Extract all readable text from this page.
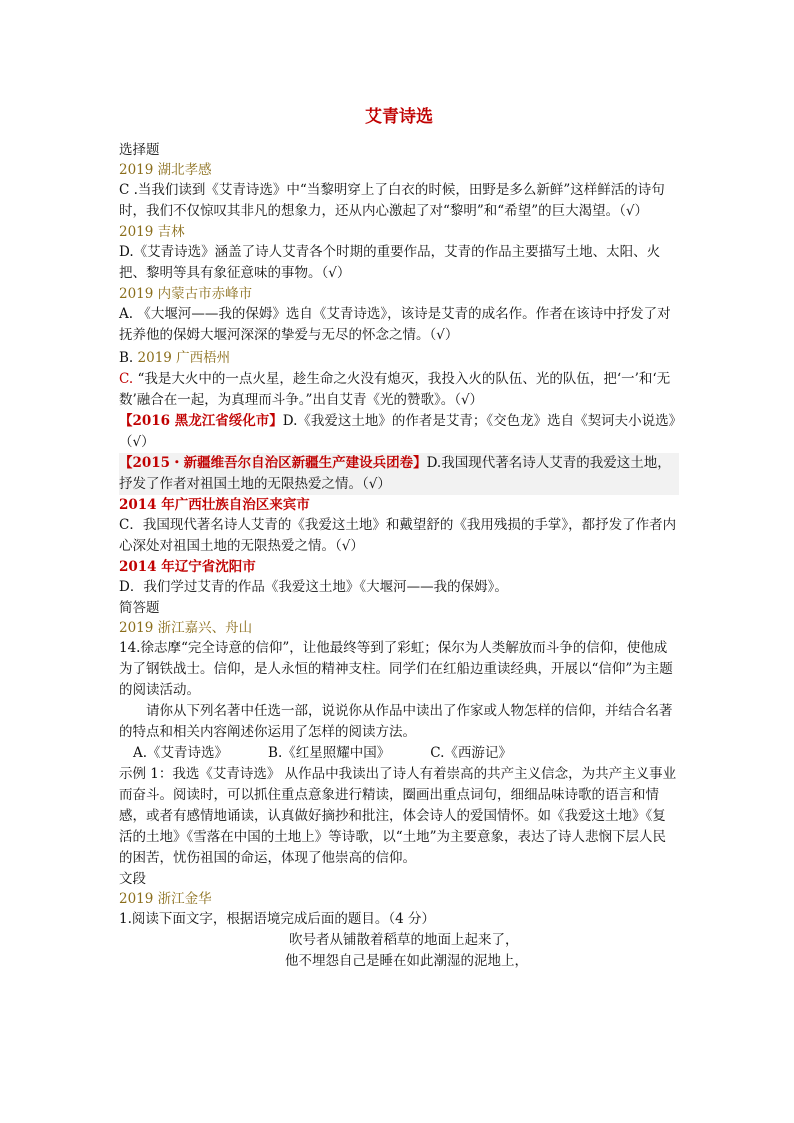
艾青诗选
选择题
2019 湖北孝感

C .当我们读到《艾青诗选》中“当黎明穿上了白衣的时候，田野是多么新鲜”这样鲜活的诗句时，我们不仅惊叹其非凡的想象力，还从内心激起了对“黎明”和“希望”的巨大渴望。（√）

2019 吉林

D.《艾青诗选》涵盖了诗人艾青各个时期的重要作品，艾青的作品主要描写土地、太阳、火把、黎明等具有象征意味的事物。（√）

2019 内蒙古市赤峰市

A. 《大堰河——我的保姆》选自《艾青诗选》，该诗是艾青的成名作。作者在该诗中抒发了对抚养他的保姆大堰河深深的挚爱与无尽的怀念之情。（√）

B. 2019 广西梧州

C. “我是大火中的一点火星，趁生命之火没有熄灭，我投入火的队伍、光的队伍，把‘一’和‘无数’融合在一起，为真理而斗争。”出自艾青《光的赞歌》。（√）

【2016 黑龙江省绥化市】D.《我爱这土地》的作者是艾青；《交色龙》选自《契诃夫小说选》（√）

【2015・新疆维吾尔自治区新疆生产建设兵团卷】D.我国现代著名诗人艾青的我爱这土地，抒发了作者对祖国土地的无限热爱之情。（√）

2014 年广西壮族自治区来宾市

C．我国现代著名诗人艾青的《我爱这土地》和戴望舒的《我用残损的手掌》，都抒发了作者内心深处对祖国土地的无限热爱之情。（√）

2014 年辽宁省沈阳市

D．我们学过艾青的作品《我爱这土地》《大堰河——我的保姆》。

简答题
2019 浙江嘉兴、舟山

14.徐志摩“完全诗意的信仰”，让他最终等到了彩虹；保尔为人类解放而斗争的信仰，使他成为了钢铁战士。信仰，是人永恒的精神支柱。同学们在红船边重读经典，开展以“信仰”为主题的阅读活动。

请你从下列名著中任选一部，说说你从作品中读出了作家或人物怎样的信仰，并结合名著的特点和相关内容阐述你运用了怎样的阅读方法。

A.《艾青诗选》	B.《红星照耀中国》	C.《西游记》

示例 1：我选《艾青诗选》 从作品中我读出了诗人有着崇高的共产主义信念，为共产主义事业而奋斗。阅读时，可以抓住重点意象进行精读，圈画出重点词句，细细品味诗歌的语言和情感，或者有感情地诵读，认真做好摘抄和批注，体会诗人的爱国情怀。如《我爱这土地》《复活的土地》《雪落在中国的土地上》等诗歌，以“土地”为主要意象，表达了诗人悲悯下层人民的困苦，忧伤祖国的命运，体现了他崇高的信仰。

文段
2019 浙江金华

1.阅读下面文字，根据语境完成后面的题目。（4 分）

吹号者从铺散着稻草的地面上起来了，

他不埋怨自己是睡在如此潮湿的泥地上，
